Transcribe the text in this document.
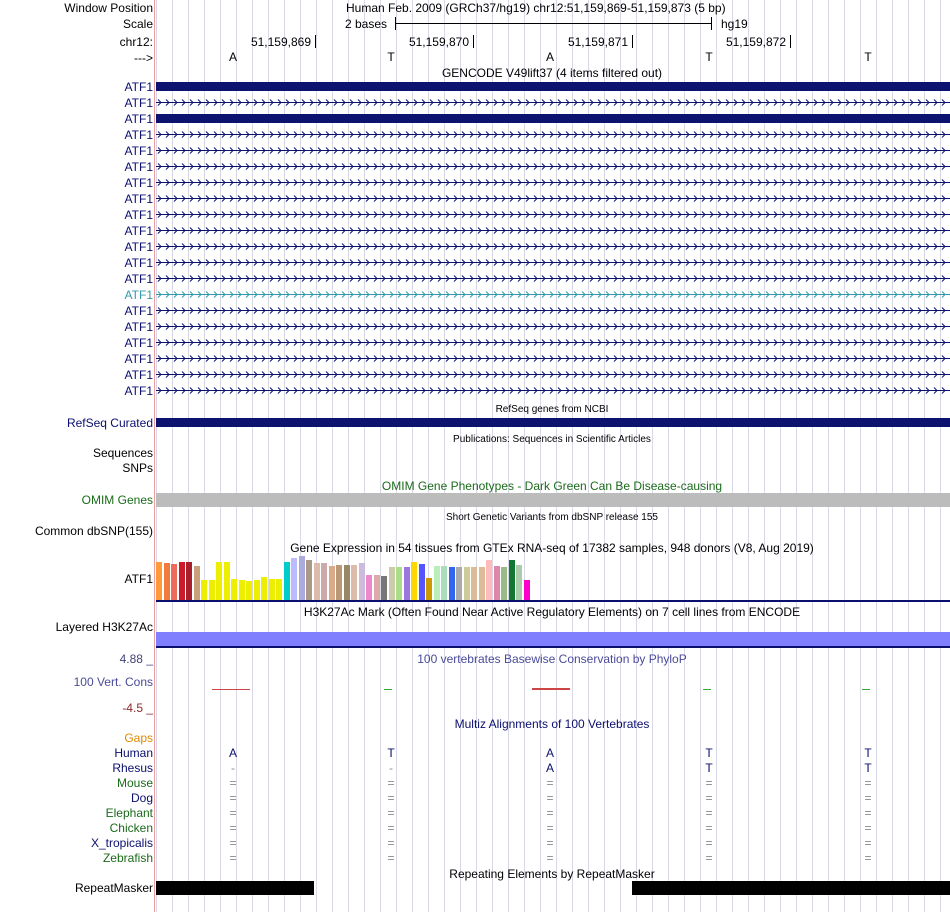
Window Position
Scale
chr12:
--->
Human Feb. 2009 (GRCh37/hg19) chr12:51,159,869-51,159,873 (5 bp)
2 bases	hg19
51,159,869	51,159,870	51,159,871	51,159,872
A	T	A	T	T
GENCODE V49lift37 (4 items filtered out)
ATF1
ATF1
ATF1
ATF1
ATF1
ATF1
ATF1
ATF1
ATF1
ATF1
ATF1
ATF1
ATF1
ATF1
ATF1
ATF1
ATF1
ATF1
ATF1
ATF1
RefSeq genes from NCBI
RefSeq Curated
Publications: Sequences in Scientific Articles
Sequences
SNPs
OMIM Gene Phenotypes - Dark Green Can Be Disease-causing
OMIM Genes
Short Genetic Variants from dbSNP release 155
Common dbSNP(155)
Gene Expression in 54 tissues from GTEx RNA-seq of 17382 samples, 948 donors (V8, Aug 2019)
ATF1
H3K27Ac Mark (Often Found Near Active Regulatory Elements) on 7 cell lines from ENCODE
Layered H3K27Ac
4.88 _	100 vertebrates Basewise Conservation by PhyloP
100 Vert. Cons
-4.5 _
Multiz Alignments of 100 Vertebrates
Gaps
Human	A	T	A	T	T
Rhesus	-	-	A	T	T
Mouse	=	=	=	=	=
Dog	=	=	=	=	=
Elephant	=	=	=	=	=
Chicken	=	=	=	=	=
X_tropicalis	=	=	=	=	=
Zebrafish	=	=	=	=	=
Repeating Elements by RepeatMasker
RepeatMasker
